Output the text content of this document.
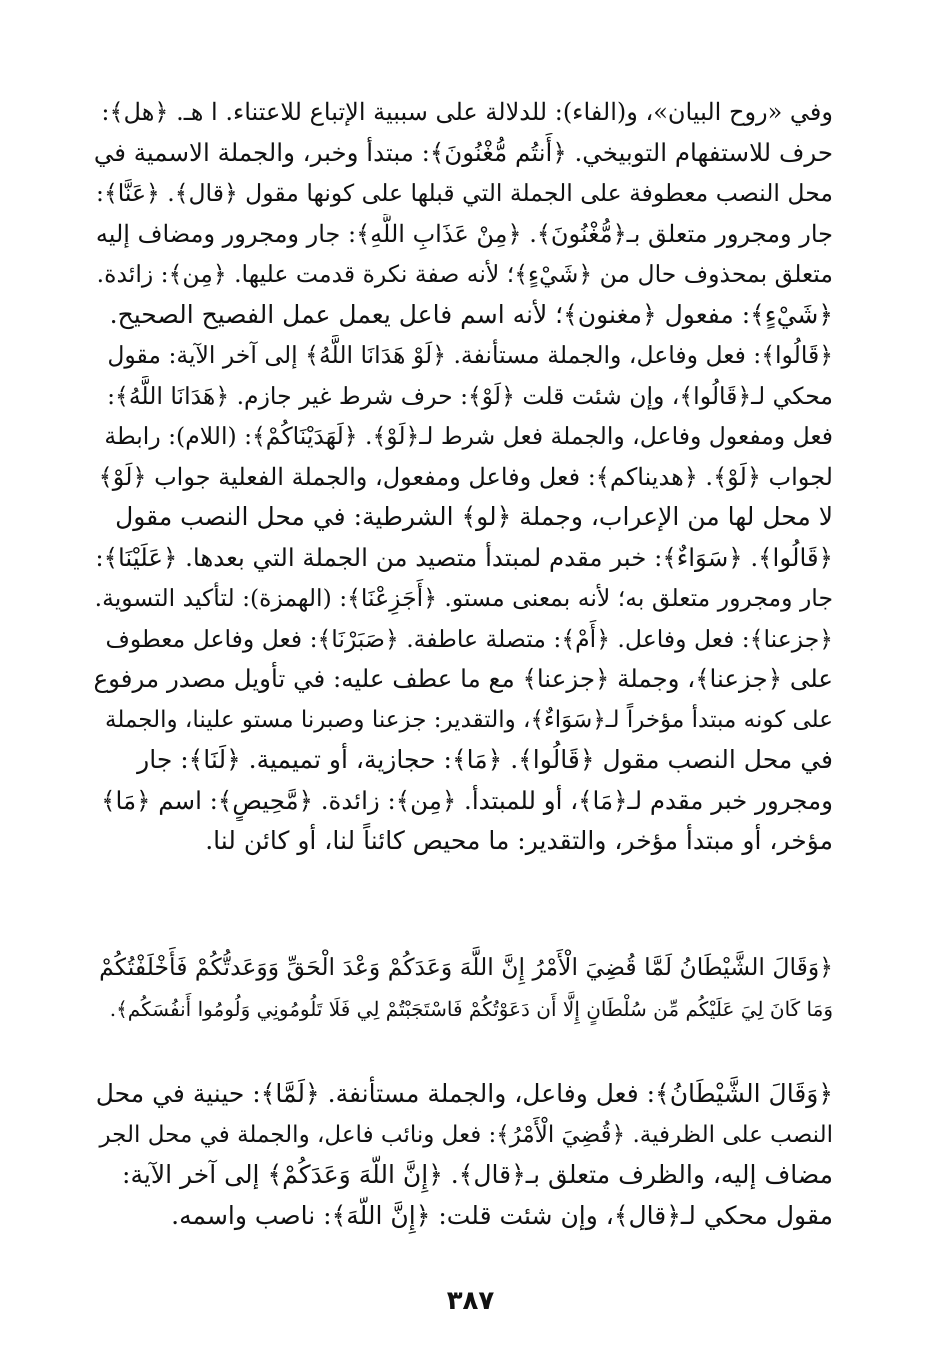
وفي «روح البيان»، و(الفاء): للدلالة على سببية الإتباع للاعتناء. ا هـ. ﴿هل﴾:
حرف للاستفهام التوبيخي. ﴿أَنتُم مُّغْنُونَ﴾: مبتدأ وخبر، والجملة الاسمية في
محل النصب معطوفة على الجملة التي قبلها على كونها مقول ﴿قال﴾. ﴿عَنَّا﴾:
جار ومجرور متعلق بـ﴿مُّغْنُونَ﴾. ﴿مِنْ عَذَابِ اللَّهِ﴾: جار ومجرور ومضاف إليه
متعلق بمحذوف حال من ﴿شَيْءٍ﴾؛ لأنه صفة نكرة قدمت عليها. ﴿مِن﴾: زائدة.
﴿شَيْءٍ﴾: مفعول ﴿مغنون﴾؛ لأنه اسم فاعل يعمل عمل الفصيح الصحيح.
﴿قَالُوا﴾: فعل وفاعل، والجملة مستأنفة. ﴿لَوْ هَدَانَا اللَّهُ﴾ إلى آخر الآية: مقول
محكي لـ﴿قَالُوا﴾، وإن شئت قلت ﴿لَوْ﴾: حرف شرط غير جازم. ﴿هَدَانَا اللَّهُ﴾:
فعل ومفعول وفاعل، والجملة فعل شرط لـ﴿لَوْ﴾. ﴿لَهَدَيْنَاكُمْ﴾: (اللام): رابطة
لجواب ﴿لَوْ﴾. ﴿هديناكم﴾: فعل وفاعل ومفعول، والجملة الفعلية جواب ﴿لَوْ﴾
لا محل لها من الإعراب، وجملة ﴿لو﴾ الشرطية: في محل النصب مقول
﴿قَالُوا﴾. ﴿سَوَاءٌ﴾: خبر مقدم لمبتدأ متصيد من الجملة التي بعدها. ﴿عَلَيْنَا﴾:
جار ومجرور متعلق به؛ لأنه بمعنى مستو. ﴿أَجَزِعْنَا﴾: (الهمزة): لتأكيد التسوية.
﴿جزعنا﴾: فعل وفاعل. ﴿أَمْ﴾: متصلة عاطفة. ﴿صَبَرْنَا﴾: فعل وفاعل معطوف
على ﴿جزعنا﴾، وجملة ﴿جزعنا﴾ مع ما عطف عليه: في تأويل مصدر مرفوع
على كونه مبتدأ مؤخراً لـ﴿سَوَاءٌ﴾، والتقدير: جزعنا وصبرنا مستو علينا، والجملة
في محل النصب مقول ﴿قَالُوا﴾. ﴿مَا﴾: حجازية، أو تميمية. ﴿لَنَا﴾: جار
ومجرور خبر مقدم لـ﴿مَا﴾، أو للمبتدأ. ﴿مِن﴾: زائدة. ﴿مَّحِيصٍ﴾: اسم ﴿مَا﴾
مؤخر، أو مبتدأ مؤخر، والتقدير: ما محيص كائناً لنا، أو كائن لنا.
﴿وَقَالَ الشَّيْطَانُ لَمَّا قُضِيَ الْأَمْرُ إِنَّ اللَّهَ وَعَدَكُمْ وَعْدَ الْحَقِّ وَوَعَدتُّكُمْ فَأَخْلَفْتُكُمْ
وَمَا كَانَ لِيَ عَلَيْكُم مِّن سُلْطَانٍ إِلَّا أَن دَعَوْتُكُمْ فَاسْتَجَبْتُمْ لِي فَلَا تَلُومُونِي وَلُومُوا أَنفُسَكُم﴾.
﴿وَقَالَ الشَّيْطَانُ﴾: فعل وفاعل، والجملة مستأنفة. ﴿لَمَّا﴾: حينية في محل
النصب على الظرفية. ﴿قُضِيَ الْأَمْرُ﴾: فعل ونائب فاعل، والجملة في محل الجر
مضاف إليه، والظرف متعلق بـ﴿قال﴾. ﴿إِنَّ اللَّهَ وَعَدَكُمْ﴾ إلى آخر الآية:
مقول محكي لـ﴿قال﴾، وإن شئت قلت: ﴿إِنَّ اللَّهَ﴾: ناصب واسمه.
٣٨٧
